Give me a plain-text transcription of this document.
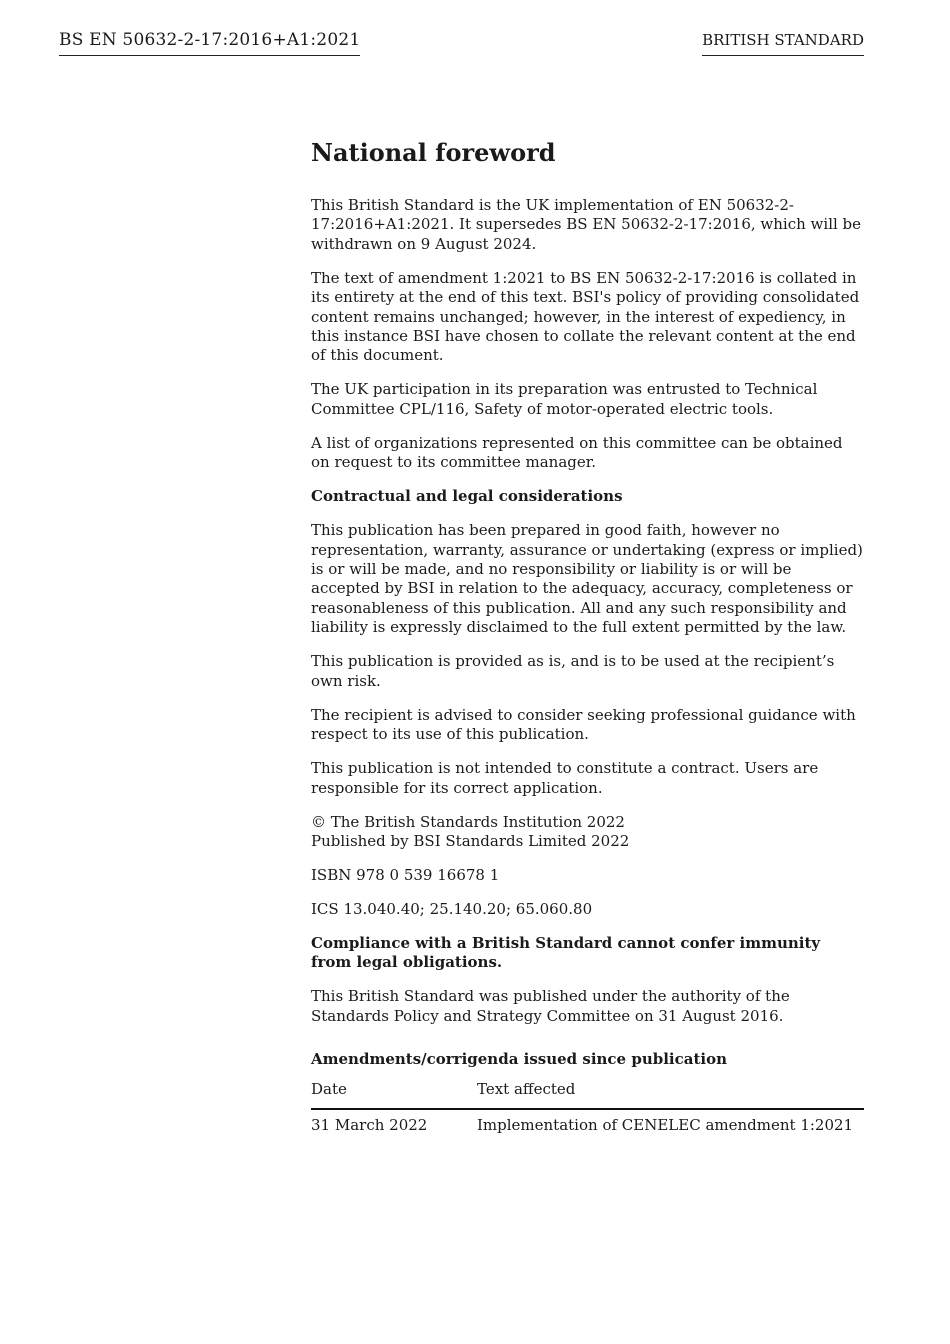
BS EN 50632-2-17:2016+A1:2021	BRITISH STANDARD
National foreword

This British Standard is the UK implementation of EN 50632-2-17:2016+A1:2021. It supersedes BS EN 50632-2-17:2016, which will be withdrawn on 9 August 2024.

The text of amendment 1:2021 to BS EN 50632-2-17:2016 is collated in its entirety at the end of this text. BSI's policy of providing consolidated content remains unchanged; however, in the interest of expediency, in this instance BSI have chosen to collate the relevant content at the end of this document.

The UK participation in its preparation was entrusted to Technical Committee CPL/116, Safety of motor-operated electric tools.

A list of organizations represented on this committee can be obtained on request to its committee manager.

Contractual and legal considerations

This publication has been prepared in good faith, however no representation, warranty, assurance or undertaking (express or implied) is or will be made, and no responsibility or liability is or will be accepted by BSI in relation to the adequacy, accuracy, completeness or reasonableness of this publication. All and any such responsibility and liability is expressly disclaimed to the full extent permitted by the law.

This publication is provided as is, and is to be used at the recipient’s own risk.

The recipient is advised to consider seeking professional guidance with respect to its use of this publication.

This publication is not intended to constitute a contract. Users are responsible for its correct application.

© The British Standards Institution 2022
Published by BSI Standards Limited 2022

ISBN 978 0 539 16678 1

ICS 13.040.40; 25.140.20; 65.060.80

Compliance with a British Standard cannot confer immunity from legal obligations.

This British Standard was published under the authority of the Standards Policy and Strategy Committee on 31 August 2016.

Amendments/corrigenda issued since publication
Date	Text affected
31 March 2022	Implementation of CENELEC amendment 1:2021
